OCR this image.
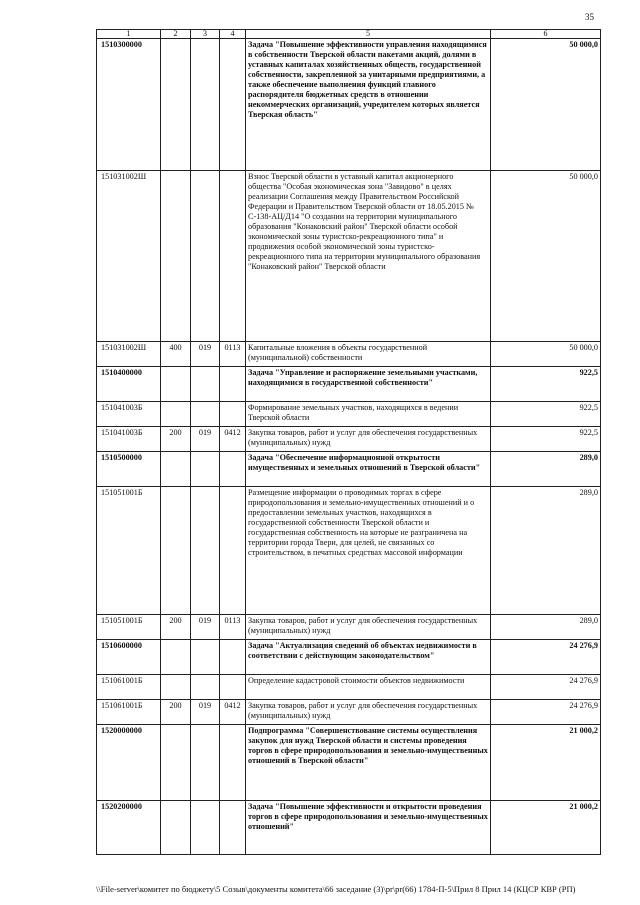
35
1	2	3	4	5	6
1510300000				Задача "Повышение эффективности управления находящимися в собственности Тверской области пакетами акций, долями в уставных капиталах хозяйственных обществ, государственной собственности, закрепленной за унитарными предприятиями, а также обеспечение выполнения функций главного распорядителя бюджетных средств в отношении некоммерческих организаций, учредителем которых является Тверская область"	50 000,0
151031002Ш				Взнос Тверской области в уставный капитал акционерного общества "Особая экономическая зона "Завидово" в целях реализации Соглашения между Правительством Российской Федерации и Правительством Тверской области от 18.05.2015 № С-138-АЦ/Д14 "О создании на территории муниципального образования "Конаковский район" Тверской области особой экономической зоны туристско-рекреационного типа" и продвижения особой экономической зоны туристско-рекреационного типа на территории муниципального образования "Конаковский район" Тверской области	50 000,0
151031002Ш	400	019	0113	Капитальные вложения в объекты государственной (муниципальной) собственности	50 000,0
1510400000				Задача "Управление и распоряжение земельными участками, находящимися в государственной собственности"	922,5
151041003Б				Формирование земельных участков, находящихся в ведении Тверской области	922,5
151041003Б	200	019	0412	Закупка товаров, работ и услуг для обеспечения государственных (муниципальных) нужд	922,5
1510500000				Задача "Обеспечение информационной открытости имущественных и земельных отношений в Тверской области"	289,0
151051001Б				Размещение информации о проводимых торгах в сфере природопользования и земельно-имущественных отношений и о предоставлении земельных участков, находящихся в государственной собственности Тверской области и государственная собственность на которые не разграничена на территории города Твери, для целей, не связанных со строительством, в печатных средствах массовой информации	289,0
151051001Б	200	019	0113	Закупка товаров, работ и услуг для обеспечения государственных (муниципальных) нужд	289,0
1510600000				Задача "Актуализация сведений об объектах недвижимости в соответствии с действующим законодательством"	24 276,9
151061001Б				Определение кадастровой стоимости объектов недвижимости	24 276,9
151061001Б	200	019	0412	Закупка товаров, работ и услуг для обеспечения государственных (муниципальных) нужд	24 276,9
1520000000				Подпрограмма "Совершенствование системы осуществления закупок для нужд Тверской области и системы проведения торгов в сфере природопользования и земельно-имущественных отношений в Тверской области"	21 000,2
1520200000				Задача "Повышение эффективности и открытости проведения торгов в сфере природопользования и земельно-имущественных отношений"	21 000,2
\\File-server\комитет по бюджету\5 Созыв\документы комитета\66 заседание (3)\pr\pr(66) 1784-П-5\Прил 8 Прил 14 (КЦСР КВР (РП)
